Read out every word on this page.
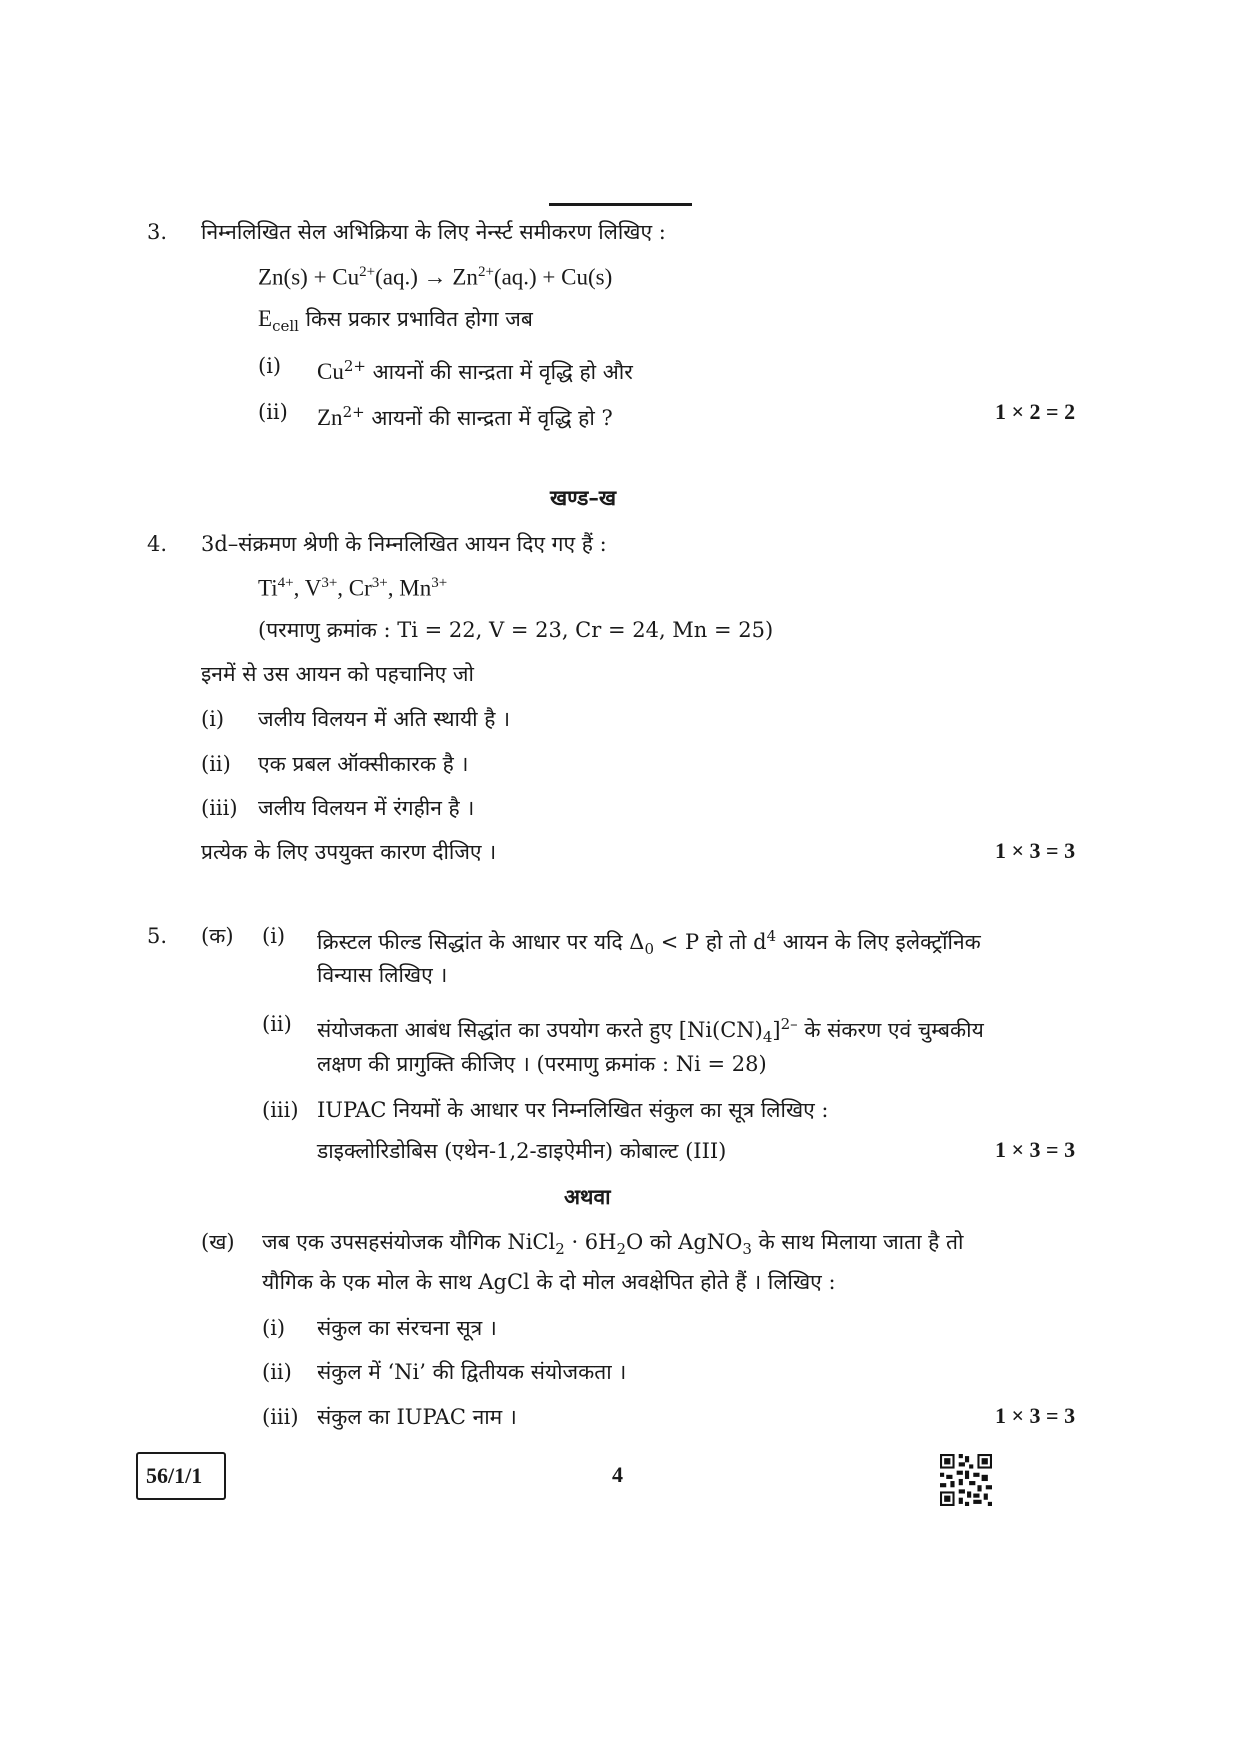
3. निम्नलिखित सेल अभिक्रिया के लिए नेर्न्स्ट समीकरण लिखिए :
$Zn(s) + Cu^{2+}(aq.) \to Zn^{2+}(aq.) + Cu(s)$
$E_{cell}$ किस प्रकार प्रभावित होगा जब
(i) $Cu^{2+}$ आयनों की सान्द्रता में वृद्धि हो और
(ii) $Zn^{2+}$ आयनों की सान्द्रता में वृद्धि हो ?	1 × 2 = 2
खण्ड–ख
4. 3d–संक्रमण श्रेणी के निम्नलिखित आयन दिए गए हैं :
$Ti^{4+}$, $V^{3+}$, $Cr^{3+}$, $Mn^{3+}$
(परमाणु क्रमांक : Ti = 22, V = 23, Cr = 24, Mn = 25)
इनमें से उस आयन को पहचानिए जो
(i) जलीय विलयन में अति स्थायी है ।
(ii) एक प्रबल ऑक्सीकारक है ।
(iii) जलीय विलयन में रंगहीन है ।
प्रत्येक के लिए उपयुक्त कारण दीजिए ।	1 × 3 = 3
5. (क) (i) क्रिस्टल फील्ड सिद्धांत के आधार पर यदि $\Delta_0 < P$ हो तो $d^4$ आयन के लिए इलेक्ट्रॉनिक
विन्यास लिखिए ।
(ii) संयोजकता आबंध सिद्धांत का उपयोग करते हुए $[Ni(CN)_4]^{2-}$ के संकरण एवं चुम्बकीय
लक्षण की प्रागुक्ति कीजिए । (परमाणु क्रमांक : Ni = 28)
(iii) IUPAC नियमों के आधार पर निम्नलिखित संकुल का सूत्र लिखिए :
डाइक्लोरिडोबिस (एथेन-1,2-डाइऐमीन) कोबाल्ट (III)	1 × 3 = 3
अथवा
(ख) जब एक उपसहसंयोजक यौगिक NiCl$_2$ · $6H_2O$ को AgNO$_3$ के साथ मिलाया जाता है तो
यौगिक के एक मोल के साथ AgCl के दो मोल अवक्षेपित होते हैं । लिखिए :
(i) संकुल का संरचना सूत्र ।
(ii) संकुल में ‘Ni’ की द्वितीयक संयोजकता ।
(iii) संकुल का IUPAC नाम ।	1 × 3 = 3
56/1/1	4
